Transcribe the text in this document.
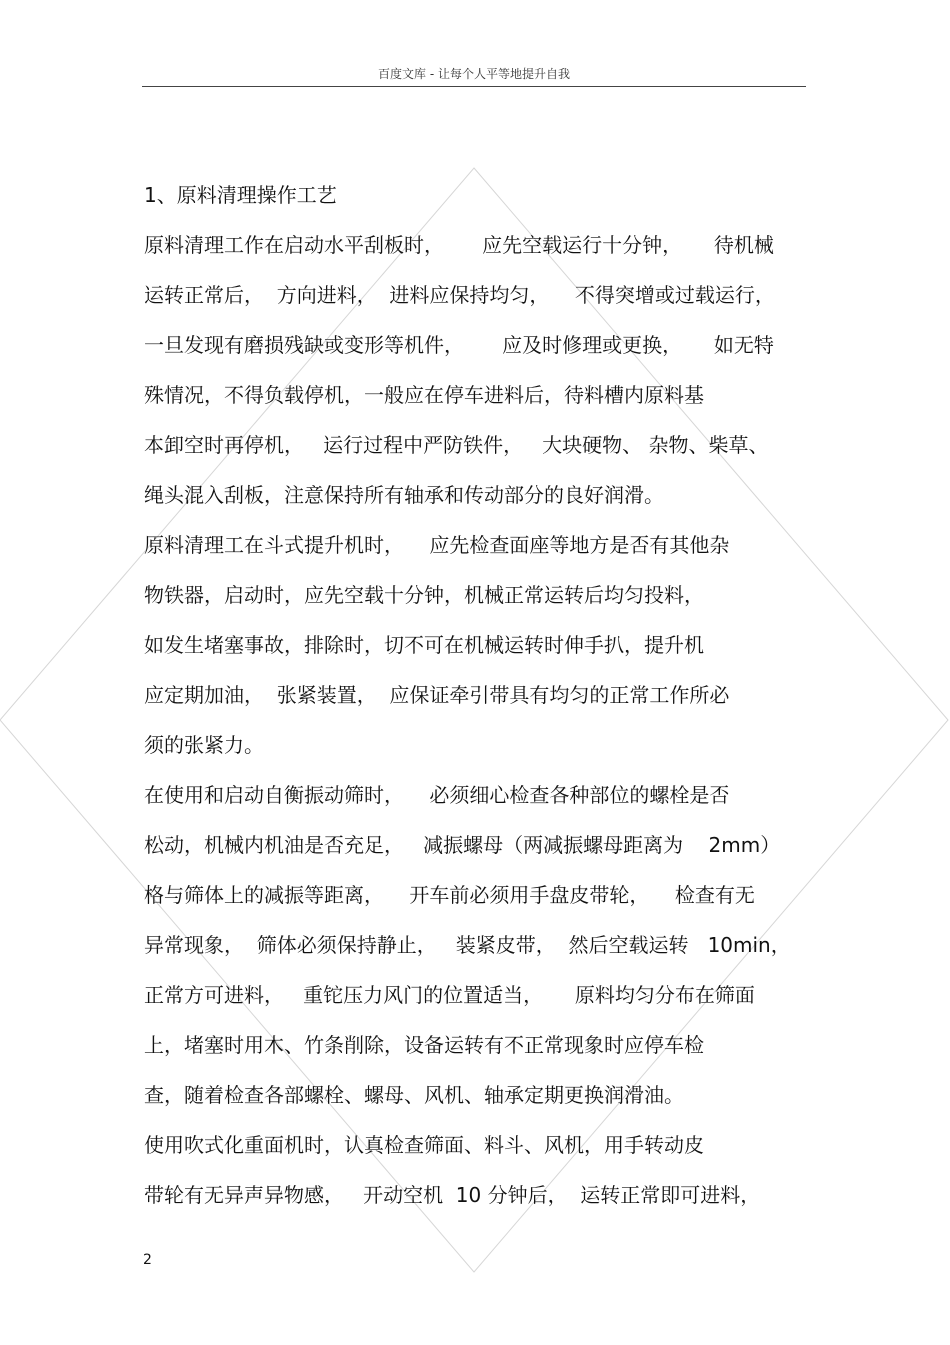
百度文库 - 让每个人平等地提升自我
1、原料清理操作工艺
原料清理工作在启动水平刮板时，      应先空载运行十分钟，     待机械
运转正常后，  方向进料，  进料应保持均匀，    不得突增或过载运行，
一旦发现有磨损残缺或变形等机件，      应及时修理或更换，     如无特
殊情况，不得负载停机，一般应在停车进料后，待料槽内原料基
本卸空时再停机，   运行过程中严防铁件，   大块硬物、 杂物、柴草、
绳头混入刮板，注意保持所有轴承和传动部分的良好润滑。
原料清理工在斗式提升机时，    应先检查面座等地方是否有其他杂
物铁器，启动时，应先空载十分钟，机械正常运转后均匀投料，
如发生堵塞事故，排除时，切不可在机械运转时伸手扒，提升机
应定期加油，  张紧装置，  应保证牵引带具有均匀的正常工作所必
须的张紧力。
在使用和启动自衡振动筛时，    必须细心检查各种部位的螺栓是否
松动，机械内机油是否充足，   减振螺母（两减振螺母距离为    2mm）
格与筛体上的减振等距离，    开车前必须用手盘皮带轮，    检查有无
异常现象，  筛体必须保持静止，   装紧皮带，  然后空载运转   10min，
正常方可进料，   重铊压力风门的位置适当，     原料均匀分布在筛面
上，堵塞时用木、竹条削除，设备运转有不正常现象时应停车检
查，随着检查各部螺栓、螺母、风机、轴承定期更换润滑油。
使用吹式化重面机时，认真检查筛面、料斗、风机，用手转动皮
带轮有无异声异物感，   开动空机  10 分钟后，  运转正常即可进料，
2
